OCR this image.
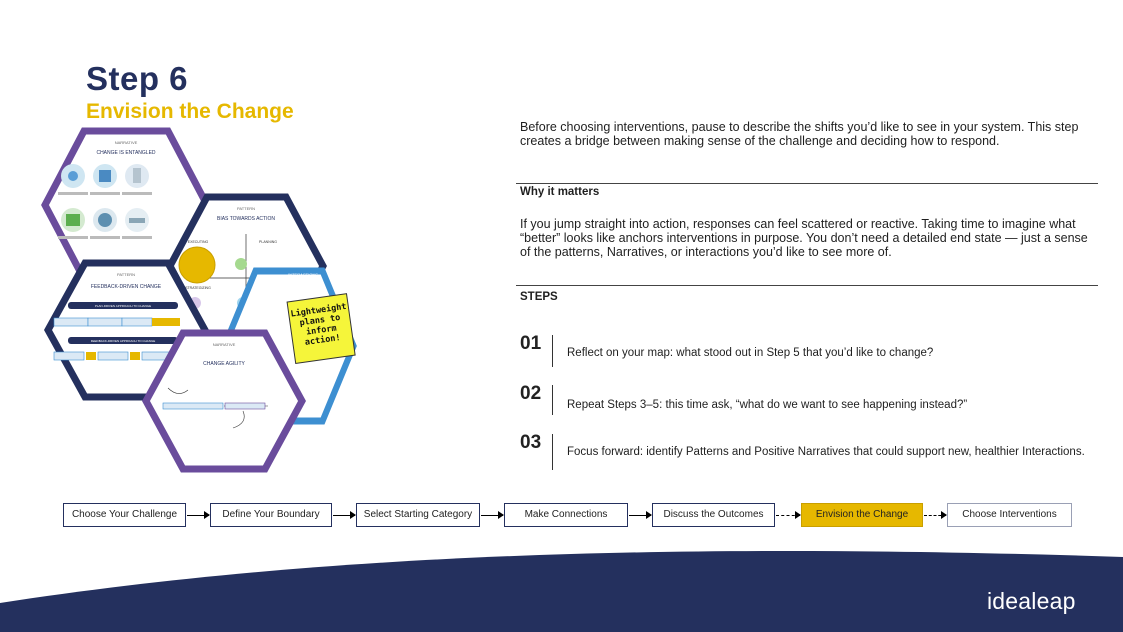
Step 6
Envision the Change
NARRATIVE
CHANGE IS ENTANGLED
PATTERN
BIAS TOWARDS ACTION
EXECUTING	PLANNING
STRATEGIZING
PATTERN
FEEDBACK-DRIVEN CHANGE
PLAN-DRIVEN APPROACH TO CHANGE
FEEDBACK-DRIVEN APPROACH TO CHANGE
INTERACTIONS
Lightweight plans to inform action!
NARRATIVE
CHANGE AGILITY

Before choosing interventions, pause to describe the shifts you’d like to see in your system. This step creates a bridge between making sense of the challenge and deciding how to respond.

Why it matters

If you jump straight into action, responses can feel scattered or reactive. Taking time to imagine what “better” looks like anchors interventions in purpose. You don’t need a detailed end state — just a sense of the patterns, Narratives, or interactions you’d like to see more of.

STEPS

01 Reflect on your map: what stood out in Step 5 that you’d like to change?
02
Repeat Steps 3–5: this time ask, “what do we want to see happening instead?”
03 Focus forward: identify Patterns and Positive Narratives that could support new, healthier Interactions.
Choose Your Challenge	Define Your Boundary	Select Starting Category	Make Connections	Discuss the Outcomes	Envision the Change	Choose Interventions
idealeap
